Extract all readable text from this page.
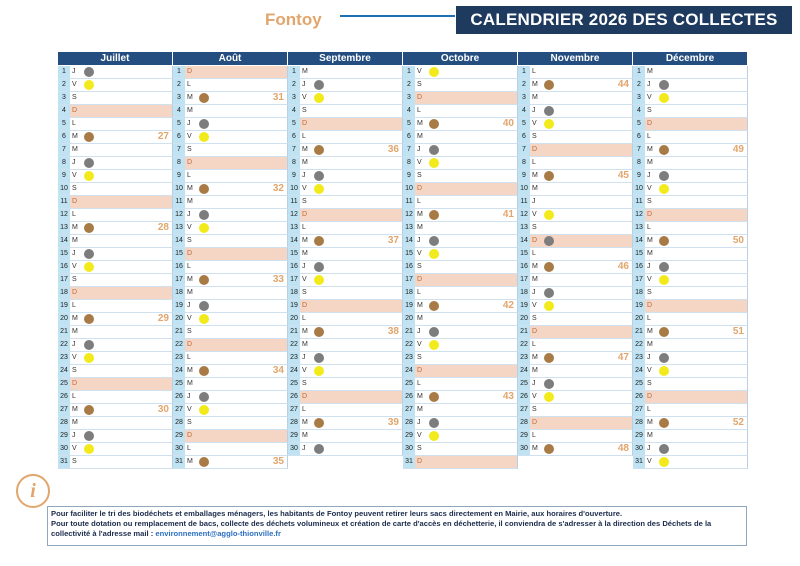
Fontoy	CALENDRIER 2026 DES COLLECTES
Juillet
1 J
2 V
3 S
4 D
5 L
6 M	27
7 M
8 J
9 V
10 S
11 D
12 L
13 M	28
14 M
15 J
16 V
17 S
18 D
19 L
20 M	29
21 M
22 J
23 V
24 S
25 D
26 L
27 M	30
28 M
29 J
30 V
31 S
Août
1 D
2 L
3 M	31
4 M
5 J
6 V
7 S
8 D
9 L
10 M	32
11 M
12 J
13 V
14 S
15 D
16 L
17 M	33
18 M
19 J
20 V
21 S
22 D
23 L
24 M	34
25 M
26 J
27 V
28 S
29 D
30 L
31 M	35
Septembre
1 M
2 J
3 V
4 S
5 D
6 L
7 M	36
8 M
9 J
10 V
11 S
12 D
13 L
14 M	37
15 M
16 J
17 V
18 S
19 D
20 L
21 M	38
22 M
23 J
24 V
25 S
26 D
27 L
28 M	39
29 M
30 J
Octobre
1 V
2 S
3 D
4 L
5 M	40
6 M
7 J
8 V
9 S
10 D
11 L
12 M	41
13 M
14 J
15 V
16 S
17 D
18 L
19 M	42
20 M
21 J
22 V
23 S
24 D
25 L
26 M	43
27 M
28 J
29 V
30 S
31 D
Novembre
1 L
2 M	44
3 M
4 J
5 V
6 S
7 D
8 L
9 M	45
10 M
11 J
12 V
13 S
14 D
15 L
16 M	46
17 M
18 J
19 V
20 S
21 D
22 L
23 M	47
24 M
25 J
26 V
27 S
28 D
29 L
30 M	48
Décembre
1 M
2 J
3 V
4 S
5 D
6 L
7 M	49
8 M
9 J
10 V
11 S
12 D
13 L
14 M	50
15 M
16 J
17 V
18 S
19 D
20 L
21 M	51
22 M
23 J
24 V
25 S
26 D
27 L
28 M	52
29 M
30 J
31 V
i
Pour faciliter le tri des biodéchets et emballages ménagers, les habitants de Fontoy peuvent retirer leurs sacs directement en Mairie, aux horaires d'ouverture.
Pour toute dotation ou remplacement de bacs, collecte des déchets volumineux et création de carte d'accès en déchetterie, il conviendra de s'adresser à la direction des Déchets de la collectivité à l'adresse mail : environnement@agglo-thionville.fr
